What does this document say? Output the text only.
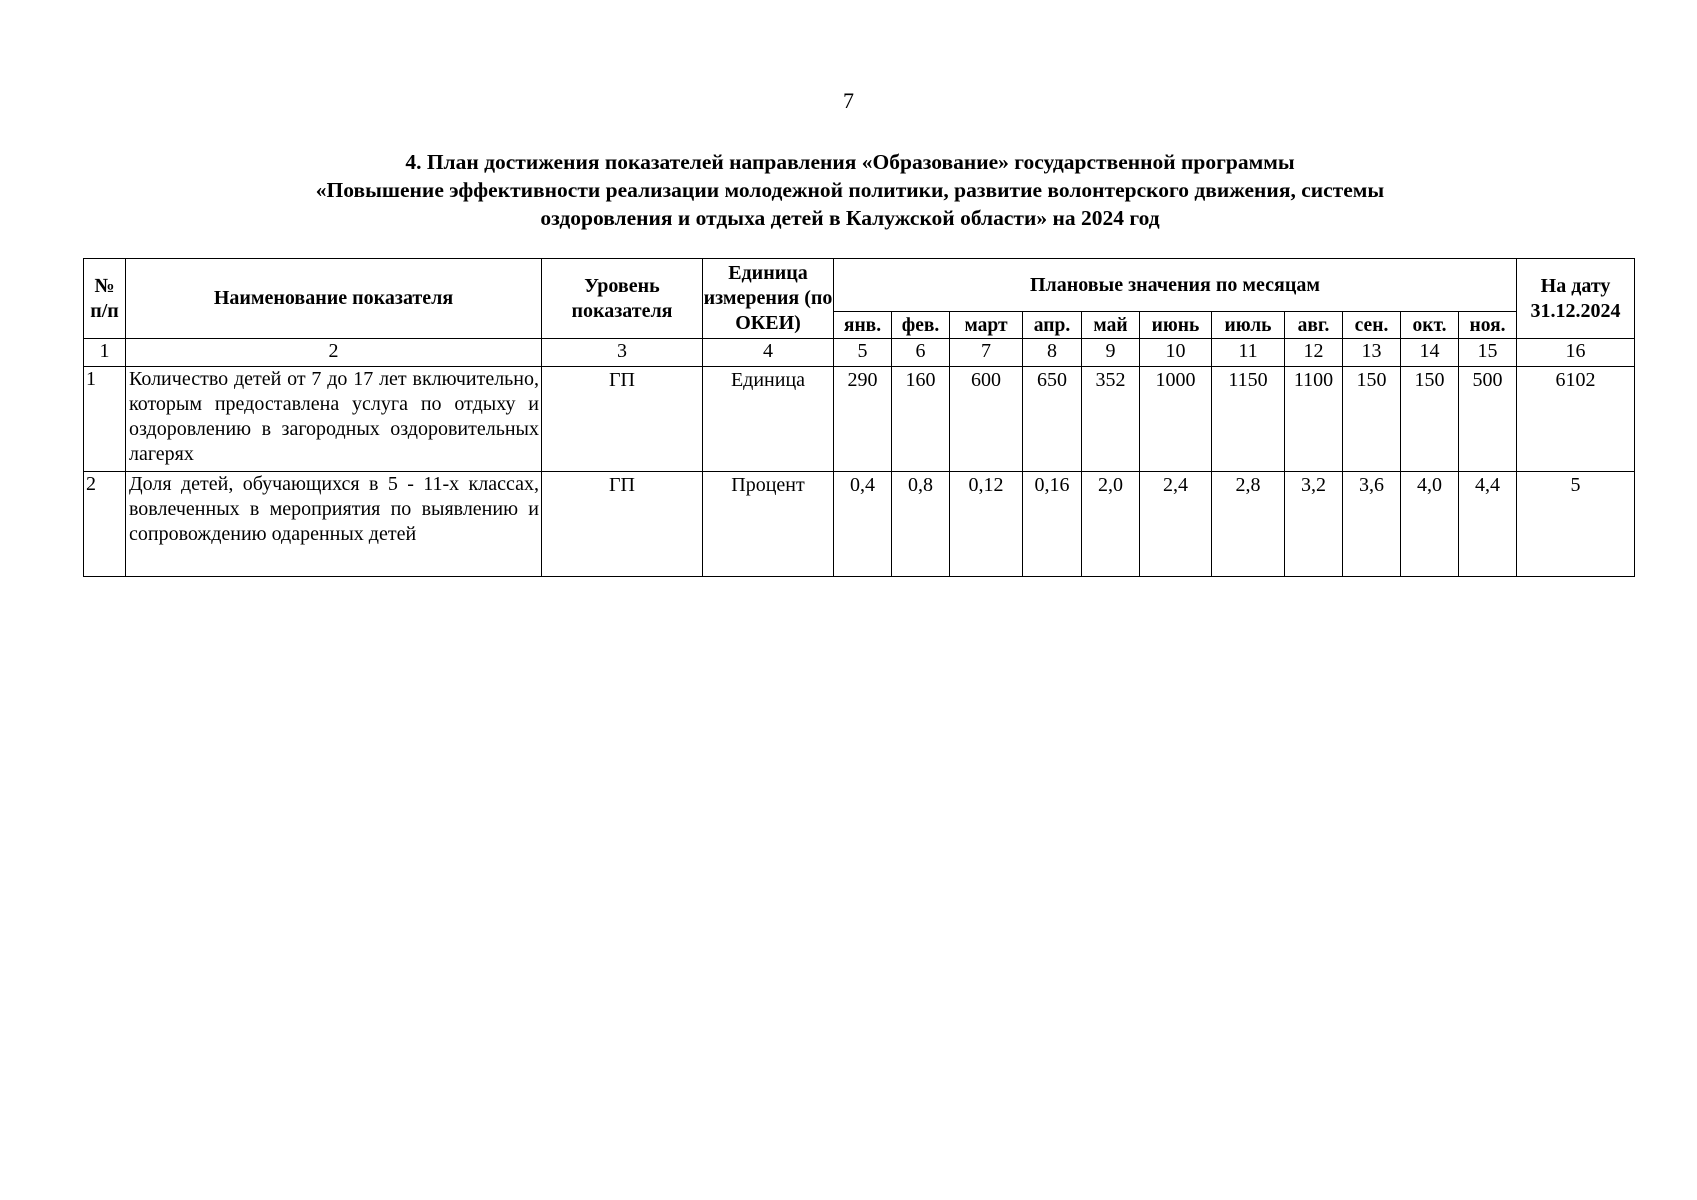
7
4. План достижения показателей направления «Образование» государственной программы
«Повышение эффективности реализации молодежной политики, развитие волонтерского движения, системы
оздоровления и отдыха детей в Калужской области» на 2024 год
№ п/п	Наименование показателя	Уровень показателя	Единица измерения (по ОКЕИ)	Плановые значения по месяцам											На дату 31.12.2024
				янв.	фев.	март	апр.	май	июнь	июль	авг.	сен.	окт.	ноя.	
1	2	3	4	5	6	7	8	9	10	11	12	13	14	15	16
1	Количество детей от 7 до 17 лет включительно, которым предоставлена услуга по отдыху и оздоровлению в загородных оздоровительных лагерях	ГП	Единица	290	160	600	650	352	1000	1150	1100	150	150	500	6102
2	Доля детей, обучающихся в 5 - 11-х классах, вовлеченных в мероприятия по выявлению и сопровождению одаренных детей	ГП	Процент	0,4	0,8	0,12	0,16	2,0	2,4	2,8	3,2	3,6	4,0	4,4	5
